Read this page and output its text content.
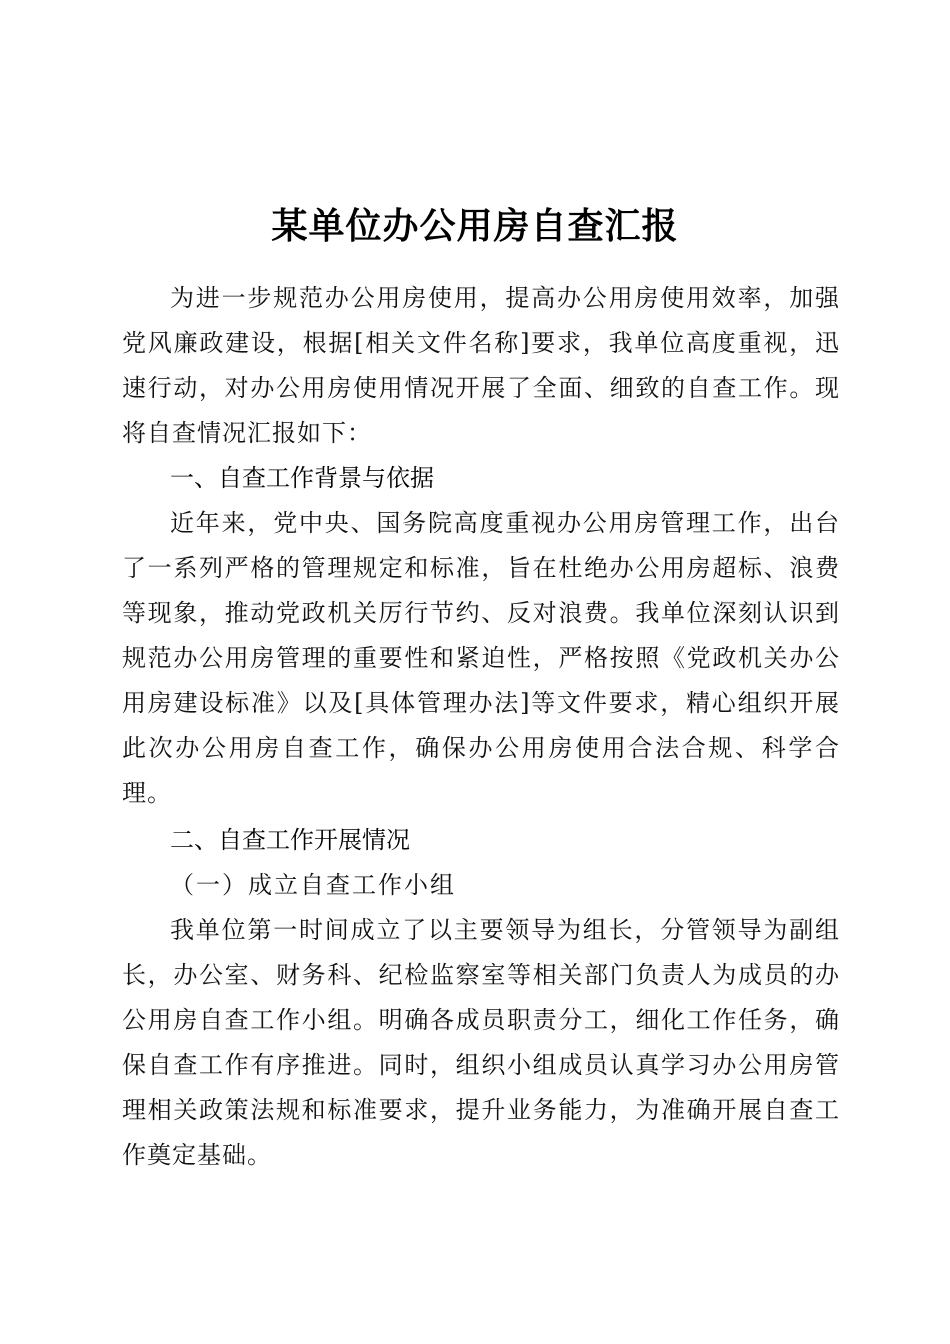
某单位办公用房自查汇报

为进一步规范办公用房使用，提高办公用房使用效率，加强党风廉政建设，根据[相关文件名称]要求，我单位高度重视，迅速行动，对办公用房使用情况开展了全面、细致的自查工作。现将自查情况汇报如下：

一、自查工作背景与依据

近年来，党中央、国务院高度重视办公用房管理工作，出台了一系列严格的管理规定和标准，旨在杜绝办公用房超标、浪费等现象，推动党政机关厉行节约、反对浪费。我单位深刻认识到规范办公用房管理的重要性和紧迫性，严格按照《党政机关办公用房建设标准》以及[具体管理办法]等文件要求，精心组织开展此次办公用房自查工作，确保办公用房使用合法合规、科学合理。

二、自查工作开展情况
（一）成立自查工作小组

我单位第一时间成立了以主要领导为组长，分管领导为副组长，办公室、财务科、纪检监察室等相关部门负责人为成员的办公用房自查工作小组。明确各成员职责分工，细化工作任务，确保自查工作有序推进。同时，组织小组成员认真学习办公用房管理相关政策法规和标准要求，提升业务能力，为准确开展自查工作奠定基础。
